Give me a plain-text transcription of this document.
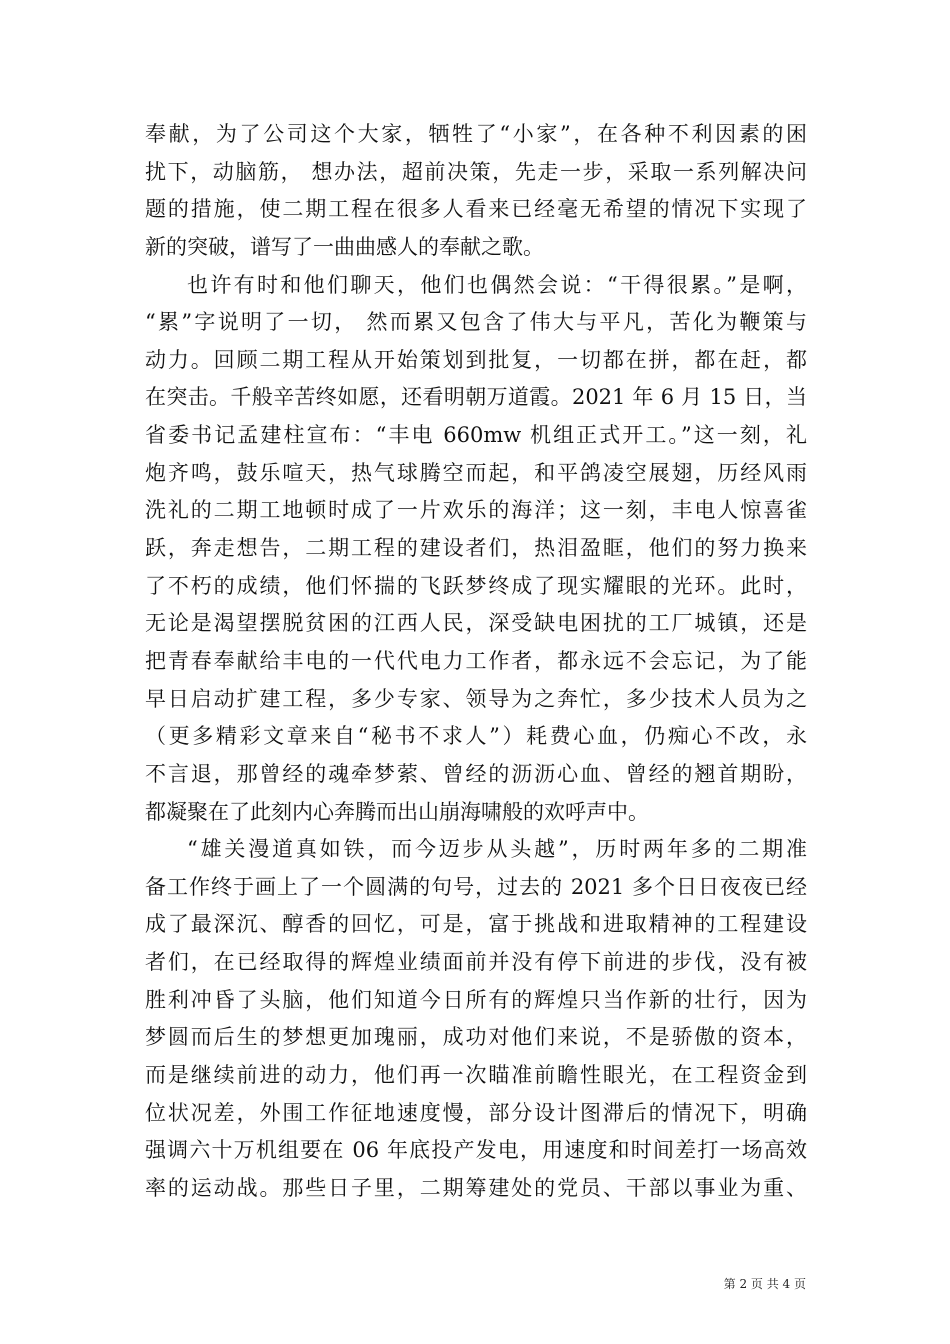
奉献，为了公司这个大家，牺牲了“小家”，在各种不利因素的困
扰下，动脑筋， 想办法，超前决策，先走一步，采取一系列解决问
题的措施，使二期工程在很多人看来已经毫无希望的情况下实现了
新的突破，谱写了一曲曲感人的奉献之歌。
也许有时和他们聊天，他们也偶然会说：“干得很累。”是啊，
“累”字说明了一切， 然而累又包含了伟大与平凡，苦化为鞭策与
动力。回顾二期工程从开始策划到批复，一切都在拼，都在赶，都
在突击。千般辛苦终如愿，还看明朝万道霞。2021 年 6 月 15 日，当
省委书记孟建柱宣布：“丰电 660mw 机组正式开工。”这一刻，礼
炮齐鸣，鼓乐喧天，热气球腾空而起，和平鸽凌空展翅，历经风雨
洗礼的二期工地顿时成了一片欢乐的海洋；这一刻，丰电人惊喜雀
跃，奔走想告，二期工程的建设者们，热泪盈眶，他们的努力换来
了不朽的成绩，他们怀揣的飞跃梦终成了现实耀眼的光环。此时，
无论是渴望摆脱贫困的江西人民，深受缺电困扰的工厂城镇，还是
把青春奉献给丰电的一代代电力工作者，都永远不会忘记，为了能
早日启动扩建工程，多少专家、领导为之奔忙，多少技术人员为之
（更多精彩文章来自“秘书不求人”）耗费心血，仍痴心不改，永
不言退，那曾经的魂牵梦萦、曾经的沥沥心血、曾经的翘首期盼，
都凝聚在了此刻内心奔腾而出山崩海啸般的欢呼声中。
“雄关漫道真如铁，而今迈步从头越”，历时两年多的二期准
备工作终于画上了一个圆满的句号，过去的 2021 多个日日夜夜已经
成了最深沉、醇香的回忆，可是，富于挑战和进取精神的工程建设
者们，在已经取得的辉煌业绩面前并没有停下前进的步伐，没有被
胜利冲昏了头脑，他们知道今日所有的辉煌只当作新的壮行，因为
梦圆而后生的梦想更加瑰丽，成功对他们来说，不是骄傲的资本，
而是继续前进的动力，他们再一次瞄准前瞻性眼光，在工程资金到
位状况差，外围工作征地速度慢，部分设计图滞后的情况下，明确
强调六十万机组要在 06 年底投产发电，用速度和时间差打一场高效
率的运动战。那些日子里，二期筹建处的党员、干部以事业为重、
第 2 页 共 4 页
